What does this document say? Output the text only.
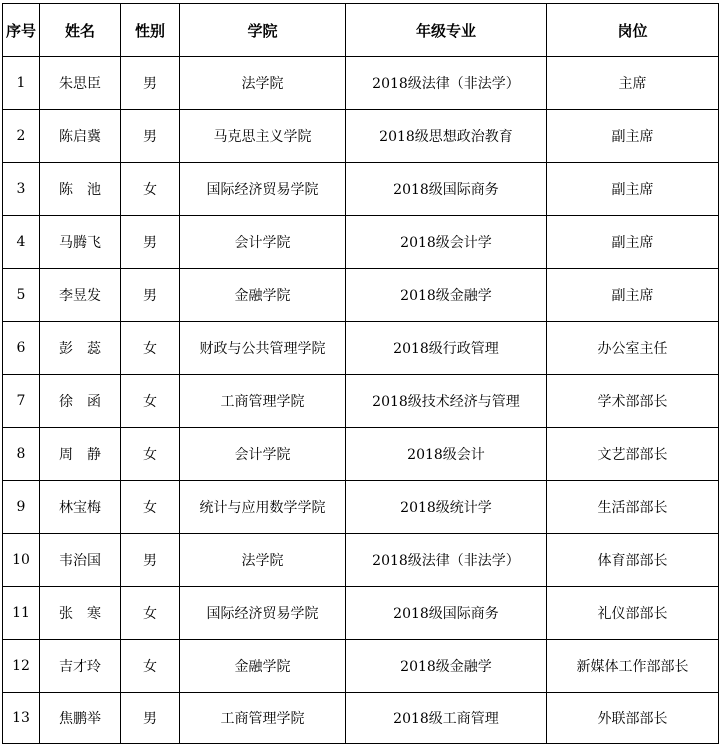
序号	姓名	性别	学院	年级专业	岗位
1	朱思臣	男	法学院	2018级法律（非法学）	主席
2	陈启冀	男	马克思主义学院	2018级思想政治教育	副主席
3	陈　池	女	国际经济贸易学院	2018级国际商务	副主席
4	马腾飞	男	会计学院	2018级会计学	副主席
5	李昱发	男	金融学院	2018级金融学	副主席
6	彭　蕊	女	财政与公共管理学院	2018级行政管理	办公室主任
7	徐　函	女	工商管理学院	2018级技术经济与管理	学术部部长
8	周　静	女	会计学院	2018级会计	文艺部部长
9	林宝梅	女	统计与应用数学学院	2018级统计学	生活部部长
10	韦治国	男	法学院	2018级法律（非法学）	体育部部长
11	张　寒	女	国际经济贸易学院	2018级国际商务	礼仪部部长
12	吉才玲	女	金融学院	2018级金融学	新媒体工作部部长
13	焦鹏举	男	工商管理学院	2018级工商管理	外联部部长
